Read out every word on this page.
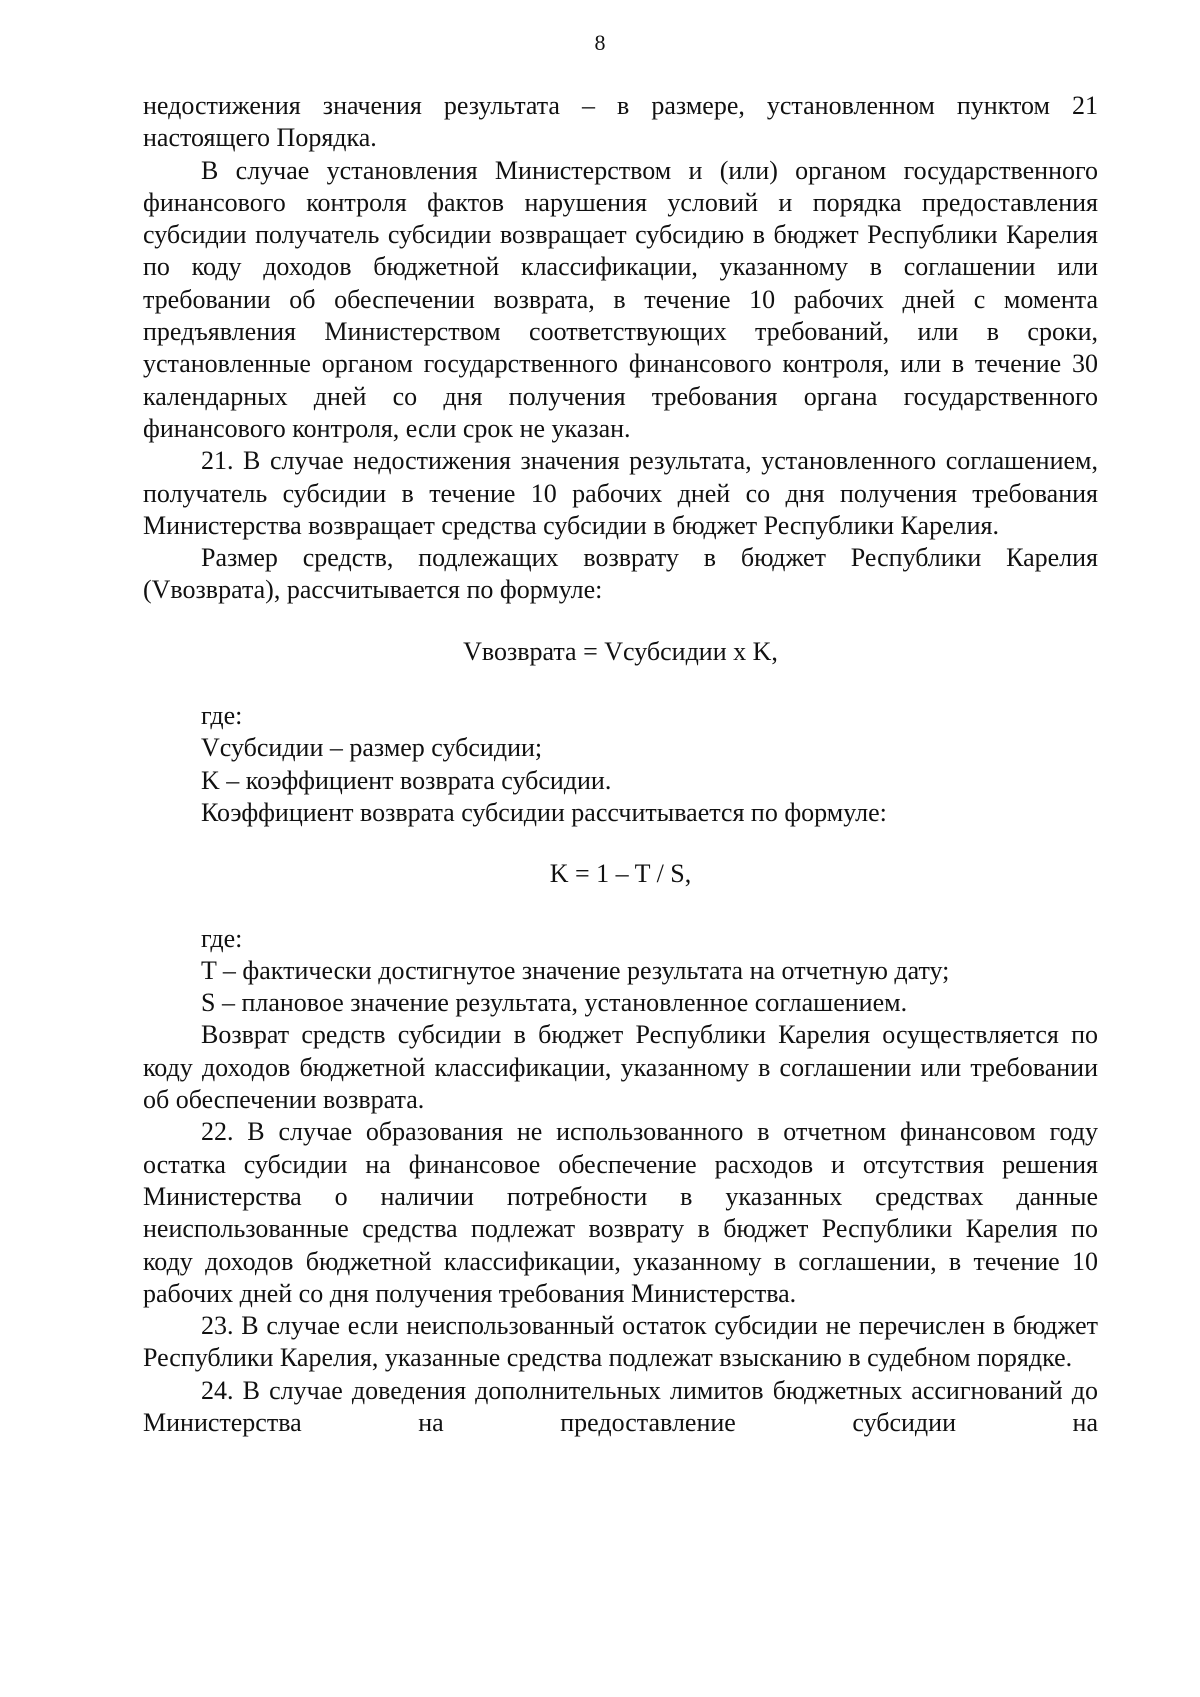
8

недостижения значения результата – в размере, установленном пунктом 21 настоящего Порядка.

В случае установления Министерством и (или) органом государственного финансового контроля фактов нарушения условий и порядка предоставления субсидии получатель субсидии возвращает субсидию в бюджет Республики Карелия по коду доходов бюджетной классификации, указанному в соглашении или требовании об обеспечении возврата, в течение 10 рабочих дней с момента предъявления Министерством соответствующих требований, или в сроки, установленные органом государственного финансового контроля, или в течение 30 календарных дней со дня получения требования органа государственного финансового контроля, если срок не указан.

21. В случае недостижения значения результата, установленного соглашением, получатель субсидии в течение 10 рабочих дней со дня получения требования Министерства возвращает средства субсидии в бюджет Республики Карелия.

Размер средств, подлежащих возврату в бюджет Республики Карелия (Vвозврата), рассчитывается по формуле:

Vвозврата = Vсубсидии x K,

где:

Vсубсидии – размер субсидии;

K – коэффициент возврата субсидии.

Коэффициент возврата субсидии рассчитывается по формуле:

K = 1 – T / S,

где:

T – фактически достигнутое значение результата на отчетную дату;

S – плановое значение результата, установленное соглашением.

Возврат средств субсидии в бюджет Республики Карелия осуществляется по коду доходов бюджетной классификации, указанному в соглашении или требовании об обеспечении возврата.

22. В случае образования не использованного в отчетном финансовом году остатка субсидии на финансовое обеспечение расходов и отсутствия решения Министерства о наличии потребности в указанных средствах данные неиспользованные средства подлежат возврату в бюджет Республики Карелия по коду доходов бюджетной классификации, указанному в соглашении, в течение 10 рабочих дней со дня получения требования Министерства.

23. В случае если неиспользованный остаток субсидии не перечислен в бюджет Республики Карелия, указанные средства подлежат взысканию в судебном порядке.

24. В случае доведения дополнительных лимитов бюджетных ассигнований до Министерства на предоставление субсидии на
